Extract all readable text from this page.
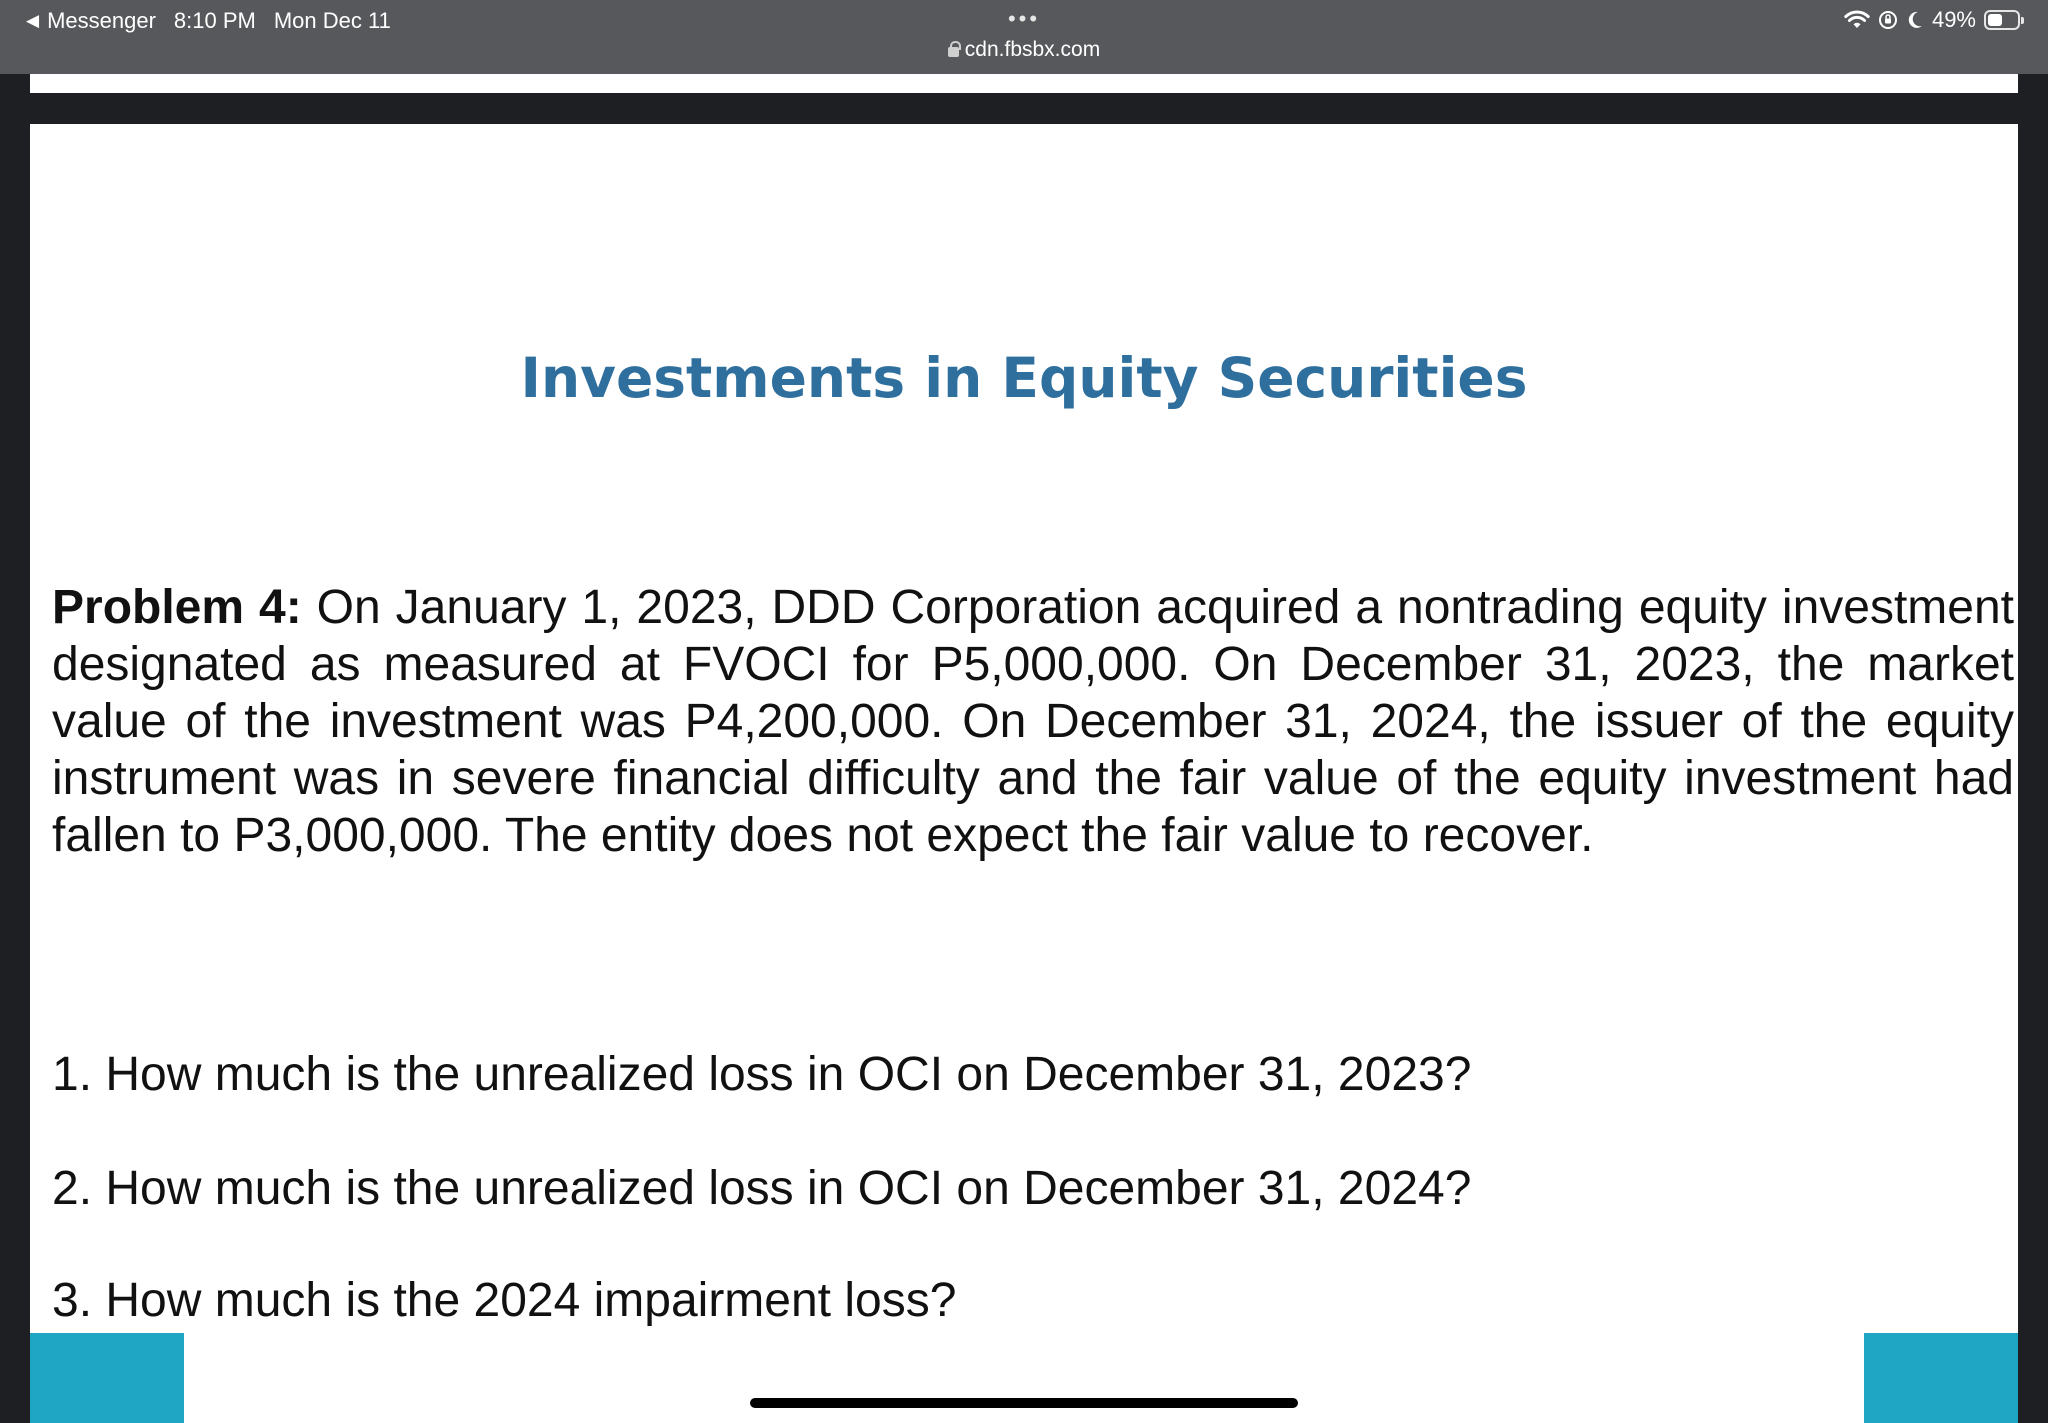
◀ Messenger 8:10 PM Mon Dec 11	•••
cdn.fbsbx.com
49%
Investments in Equity Securities

Problem 4: On January 1, 2023, DDD Corporation acquired a nontrading equity investment designated as measured at FVOCI for P5,000,000. On December 31, 2023, the market value of the investment was P4,200,000. On December 31, 2024, the issuer of the equity instrument was in severe financial difficulty and the fair value of the equity investment had fallen to P3,000,000. The entity does not expect the fair value to recover.

1. How much is the unrealized loss in OCI on December 31, 2023?
2. How much is the unrealized loss in OCI on December 31, 2024?
3. How much is the 2024 impairment loss?
